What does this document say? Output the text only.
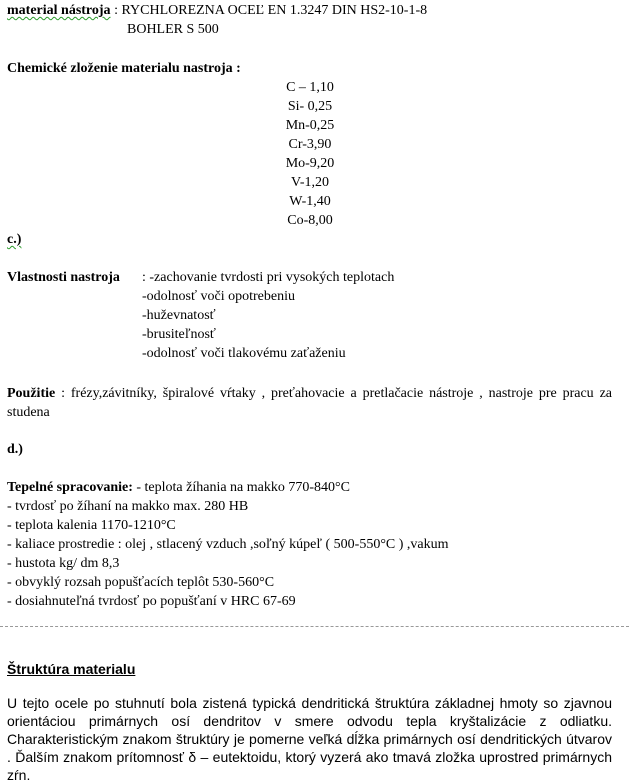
material nástroja : RYCHLOREZNA OCEĽ EN 1.3247 DIN HS2-10-1-8
BOHLER S 500
Chemické zloženie materialu nastroja :
C – 1,10
Si- 0,25
Mn-0,25
Cr-3,90
Mo-9,20
V-1,20
W-1,40
Co-8,00
c.)
Vlastnosti nastroja : -zachovanie tvrdosti pri vysokých teplotach
-odolnosť voči opotrebeniu
-huževnatosť
-brusiteľnosť
-odolnosť voči tlakovému zaťaženiu
Použitie : frézy,závitníky, špiralové vŕtaky , preťahovacie a pretlačacie nástroje , nastroje pre pracu za studena
d.)
Tepelné spracovanie: - teplota žíhania na makko 770-840°C
- tvrdosť po žíhaní na makko max. 280 HB
- teplota kalenia 1170-1210°C
- kaliace prostredie : olej , stlacený vzduch ,soľný kúpeľ ( 500-550°C ) ,vakum
- hustota kg/ dm 8,3
- obvyklý rozsah popušťacích teplôt 530-560°C
- dosiahnuteľná tvrdosť po popušťaní v HRC 67-69
Štruktúra materialu
U tejto ocele po stuhnutí bola zistená typická dendritická štruktúra základnej hmoty so zjavnou orientáciou primárnych osí dendritov v smere odvodu tepla kryštalizácie z odliatku. Charakteristickým znakom štruktúry je pomerne veľká dĺžka primárnych osí dendritických útvarov . Ďalším znakom prítomnosť δ – eutektoidu, ktorý vyzerá ako tmavá zložka uprostred primárnych zŕn.
